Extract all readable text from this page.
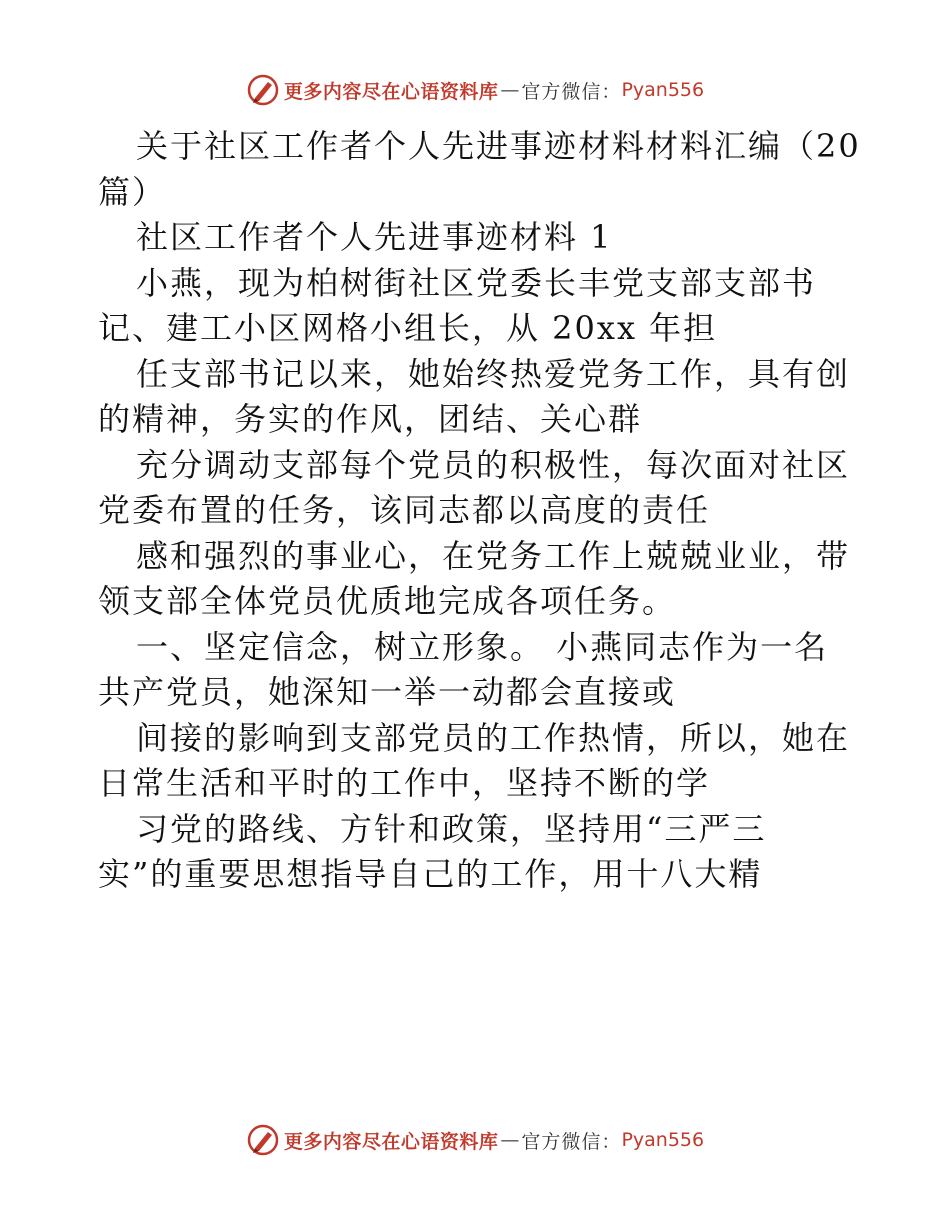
更多内容尽在心语资料库 — 官方微信： Pyan556
关于社区工作者个人先进事迹材料材料汇编（20
篇）
社区工作者个人先进事迹材料 1
小燕，现为柏树街社区党委长丰党支部支部书
记、建工小区网格小组长，从 20xx 年担
任支部书记以来，她始终热爱党务工作，具有创
的精神，务实的作风，团结、关心群
充分调动支部每个党员的积极性，每次面对社区
党委布置的任务，该同志都以高度的责任
感和强烈的事业心，在党务工作上兢兢业业，带
领支部全体党员优质地完成各项任务。
一、坚定信念，树立形象。 小燕同志作为一名
共产党员，她深知一举一动都会直接或
间接的影响到支部党员的工作热情，所以，她在
日常生活和平时的工作中，坚持不断的学
习党的路线、方针和政策，坚持用“三严三
实”的重要思想指导自己的工作，用十八大精
更多内容尽在心语资料库 — 官方微信： Pyan556
